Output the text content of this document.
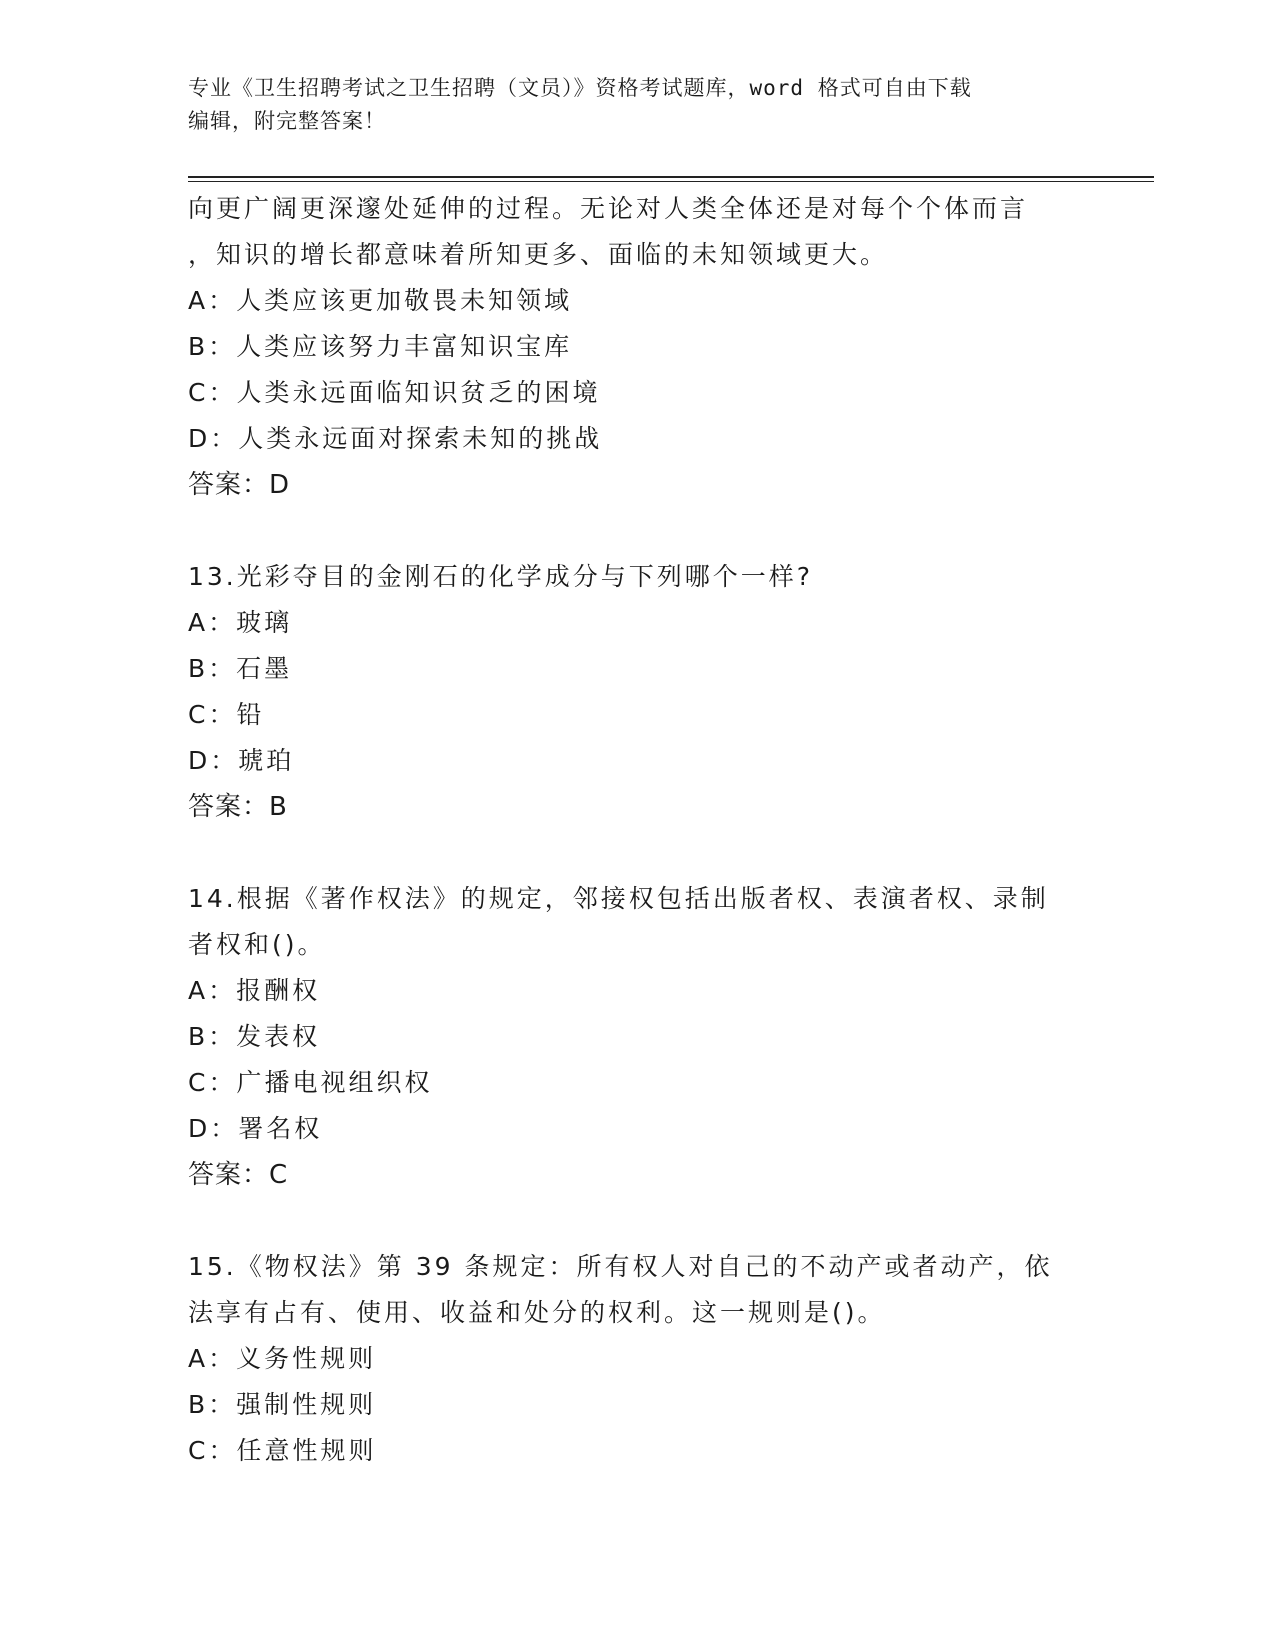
专业《卫生招聘考试之卫生招聘（文员）》资格考试题库，word 格式可自由下载
编辑，附完整答案！
向更广阔更深邃处延伸的过程。无论对人类全体还是对每个个体而言
，知识的增长都意味着所知更多、面临的未知领域更大。
A：人类应该更加敬畏未知领域
B：人类应该努力丰富知识宝库
C：人类永远面临知识贫乏的困境
D：人类永远面对探索未知的挑战
答案：D
13.光彩夺目的金刚石的化学成分与下列哪个一样?
A：玻璃
B：石墨
C：铅
D：琥珀
答案：B
14.根据《著作权法》的规定，邻接权包括出版者权、表演者权、录制
者权和()。
A：报酬权
B：发表权
C：广播电视组织权
D：署名权
答案：C
15.《物权法》第 39 条规定：所有权人对自己的不动产或者动产，依
法享有占有、使用、收益和处分的权利。这一规则是()。
A：义务性规则
B：强制性规则
C：任意性规则
